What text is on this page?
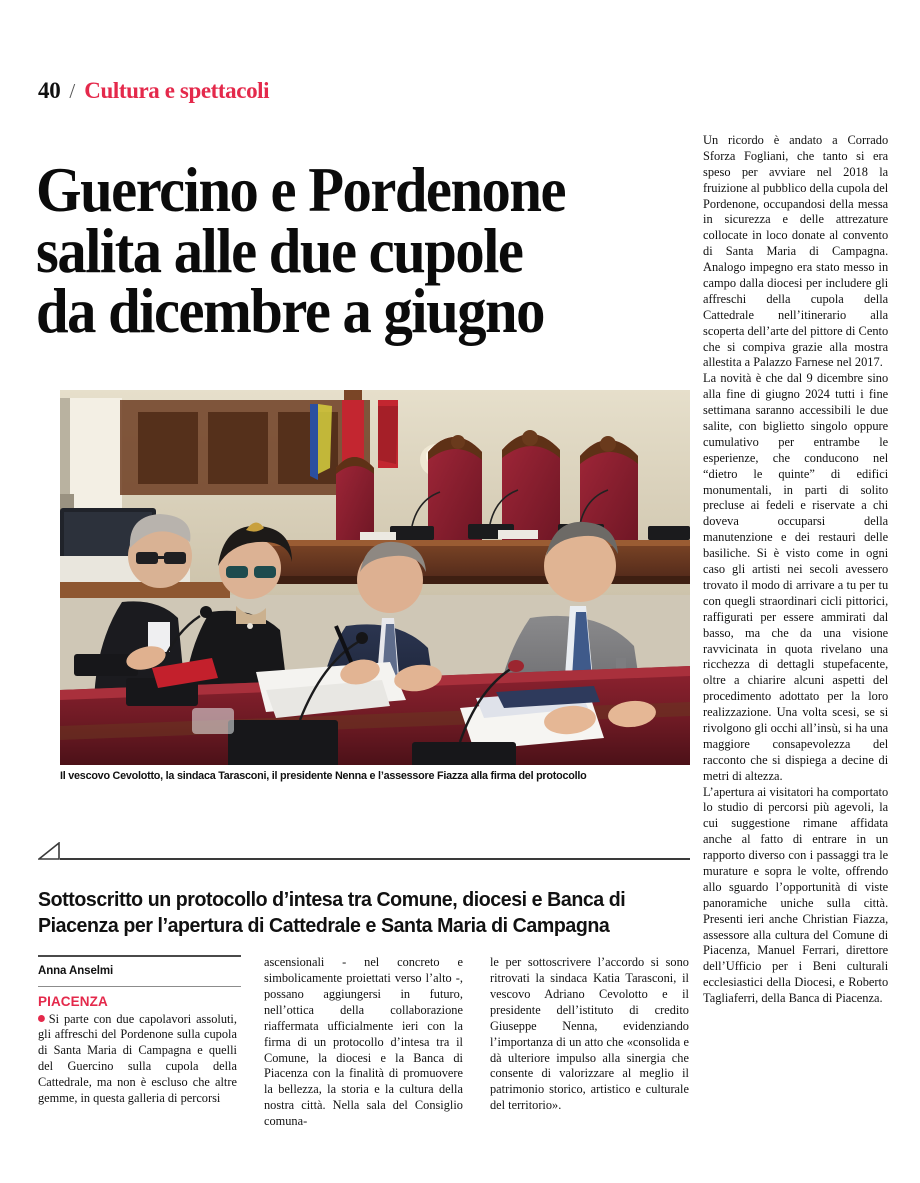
40 / Cultura e spettacoli
Guercino e Pordenone
salita alle due cupole
da dicembre a giugno
Il vescovo Cevolotto, la sindaca Tarasconi, il presidente Nenna e l’assessore Fiazza alla firma del protocollo
Sottoscritto un protocollo d’intesa tra Comune, diocesi e Banca di
Piacenza per l’apertura di Cattedrale e Santa Maria di Campagna
Anna Anselmi
PIACENZA
Si parte con due capolavori assoluti, gli affreschi del Pordenone sulla cupola di Santa Maria di Campagna e quelli del Guercino sulla cupola della Cattedrale, ma non è escluso che altre gemme, in questa galleria di percorsi
ascensionali - nel concreto e simbolicamente proiettati verso l’alto -, possano aggiungersi in futuro, nell’ottica della collaborazione riaffermata ufficialmente ieri con la firma di un protocollo d’intesa tra il Comune, la diocesi e la Banca di Piacenza con la finalità di promuovere la bellezza, la storia e la cultura della nostra città. Nella sala del Consiglio comuna-
le per sottoscrivere l’accordo si sono ritrovati la sindaca Katia Tarasconi, il vescovo Adriano Cevolotto e il presidente dell’istituto di credito Giuseppe Nenna, evidenziando l’importanza di un atto che «consolida e dà ulteriore impulso alla sinergia che consente di valorizzare al meglio il patrimonio storico, artistico e culturale del territorio».

Un ricordo è andato a Corrado Sforza Fogliani, che tanto si era speso per avviare nel 2018 la fruizione al pubblico della cupola del Pordenone, occupandosi della messa in sicurezza e delle attrezature collocate in loco donate al convento di Santa Maria di Campagna. Analogo impegno era stato messo in campo dalla diocesi per includere gli affreschi della cupola della Cattedrale nell’itinerario alla scoperta dell’arte del pittore di Cento che si compiva grazie alla mostra allestita a Palazzo Farnese nel 2017.

La novità è che dal 9 dicembre sino alla fine di giugno 2024 tutti i fine settimana saranno accessibili le due salite, con biglietto singolo oppure cumulativo per entrambe le esperienze, che conducono nel “dietro le quinte” di edifici monumentali, in parti di solito precluse ai fedeli e riservate a chi doveva occuparsi della manutenzione e dei restauri delle basiliche. Si è visto come in ogni caso gli artisti nei secoli avessero trovato il modo di arrivare a tu per tu con quegli straordinari cicli pittorici, raffigurati per essere ammirati dal basso, ma che da una visione ravvicinata in quota rivelano una ricchezza di dettagli stupefacente, oltre a chiarire alcuni aspetti del procedimento adottato per la loro realizzazione. Una volta scesi, se si rivolgono gli occhi all’insù, si ha una maggiore consapevolezza del racconto che si dispiega a decine di metri di altezza.

L’apertura ai visitatori ha comportato lo studio di percorsi più agevoli, la cui suggestione rimane affidata anche al fatto di entrare in un rapporto diverso con i passaggi tra le murature e sopra le volte, offrendo allo sguardo l’opportunità di viste panoramiche uniche sulla città. Presenti ieri anche Christian Fiazza, assessore alla cultura del Comune di Piacenza, Manuel Ferrari, direttore dell’Ufficio per i Beni culturali ecclesiastici della Diocesi, e Roberto Tagliaferri, della Banca di Piacenza.
